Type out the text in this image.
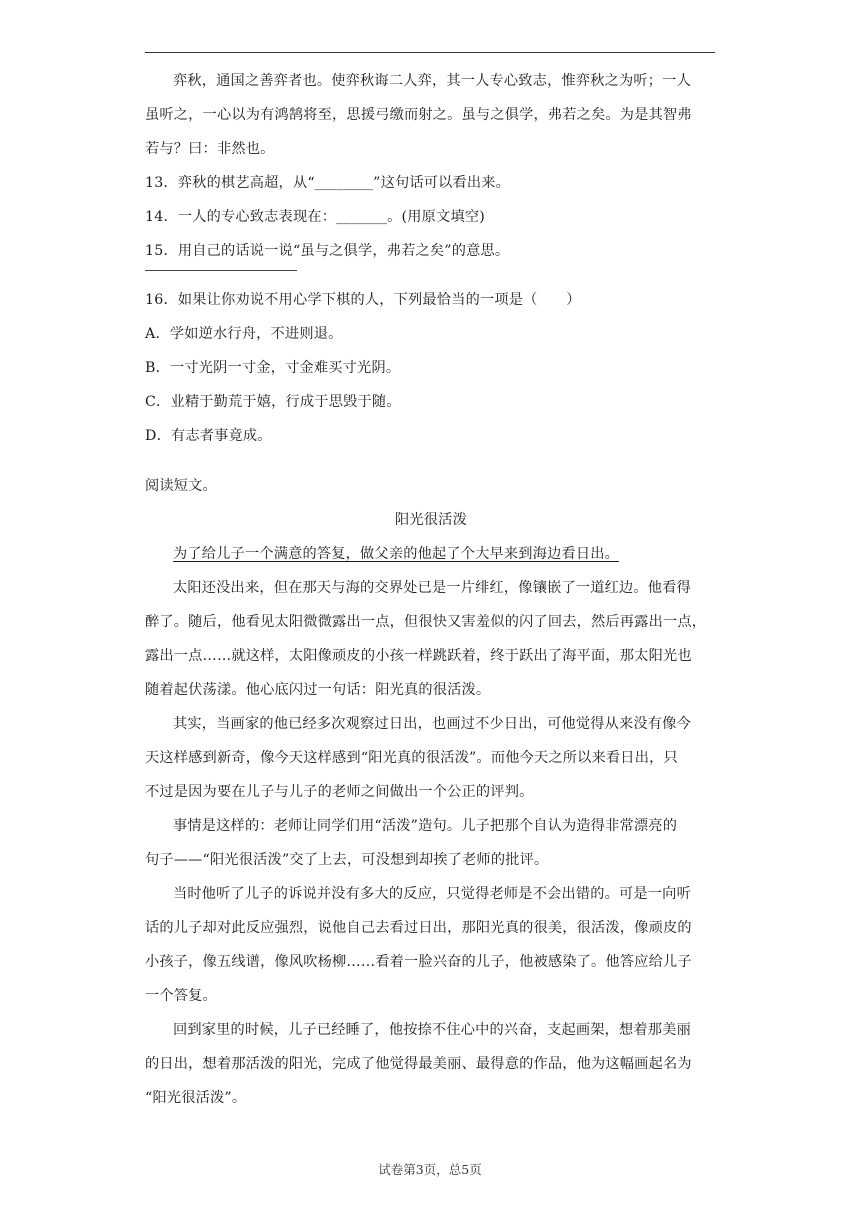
弈秋，通国之善弈者也。使弈秋诲二人弈，其一人专心致志，惟弈秋之为听；一人
虽听之，一心以为有鸿鹄将至，思援弓缴而射之。虽与之俱学，弗若之矣。为是其智弗
若与？曰：非然也。
13．弈秋的棋艺高超，从“________”这句话可以看出来。
14．一人的专心致志表现在：_______。(用原文填空)
15．用自己的话说一说“虽与之俱学，弗若之矣”的意思。
16．如果让你劝说不用心学下棋的人，下列最恰当的一项是（　　）
A．学如逆水行舟，不进则退。
B．一寸光阴一寸金，寸金难买寸光阴。
C．业精于勤荒于嬉，行成于思毁于随。
D．有志者事竟成。
阅读短文。
阳光很活泼
为了给儿子一个满意的答复，做父亲的他起了个大早来到海边看日出。
太阳还没出来，但在那天与海的交界处已是一片绯红，像镶嵌了一道红边。他看得
醉了。随后，他看见太阳微微露出一点，但很快又害羞似的闪了回去，然后再露出一点，
露出一点……就这样，太阳像顽皮的小孩一样跳跃着，终于跃出了海平面，那太阳光也
随着起伏荡漾。他心底闪过一句话：阳光真的很活泼。
其实，当画家的他已经多次观察过日出，也画过不少日出，可他觉得从来没有像今
天这样感到新奇，像今天这样感到“阳光真的很活泼”。而他今天之所以来看日出，只
不过是因为要在儿子与儿子的老师之间做出一个公正的评判。
事情是这样的：老师让同学们用“活泼”造句。儿子把那个自认为造得非常漂亮的
句子——“阳光很活泼”交了上去，可没想到却挨了老师的批评。
当时他听了儿子的诉说并没有多大的反应，只觉得老师是不会出错的。可是一向听
话的儿子却对此反应强烈，说他自己去看过日出，那阳光真的很美，很活泼，像顽皮的
小孩子，像五线谱，像风吹杨柳……看着一脸兴奋的儿子，他被感染了。他答应给儿子
一个答复。
回到家里的时候，儿子已经睡了，他按捺不住心中的兴奋，支起画架，想着那美丽
的日出，想着那活泼的阳光，完成了他觉得最美丽、最得意的作品，他为这幅画起名为
“阳光很活泼”。
试卷第3页，总5页
